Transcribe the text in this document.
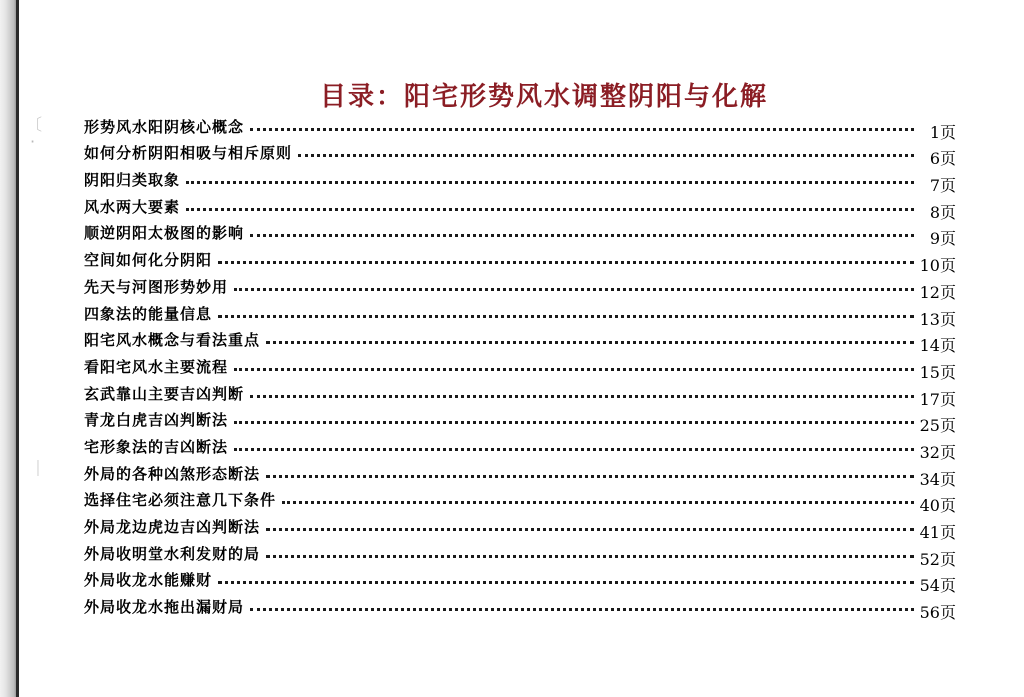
〔
·
｜
目录：阳宅形势风水调整阴阳与化解
形势风水阳阴核心概念	1页
如何分析阴阳相吸与相斥原则	6页
阴阳归类取象	7页
风水两大要素	8页
顺逆阴阳太极图的影响	9页
空间如何化分阴阳	10页
先天与河图形势妙用	12页
四象法的能量信息	13页
阳宅风水概念与看法重点	14页
看阳宅风水主要流程	15页
玄武靠山主要吉凶判断	17页
青龙白虎吉凶判断法	25页
宅形象法的吉凶断法	32页
外局的各种凶煞形态断法	34页
选择住宅必须注意几下条件	40页
外局龙边虎边吉凶判断法	41页
外局收明堂水利发财的局	52页
外局收龙水能赚财	54页
外局收龙水拖出漏财局	56页
